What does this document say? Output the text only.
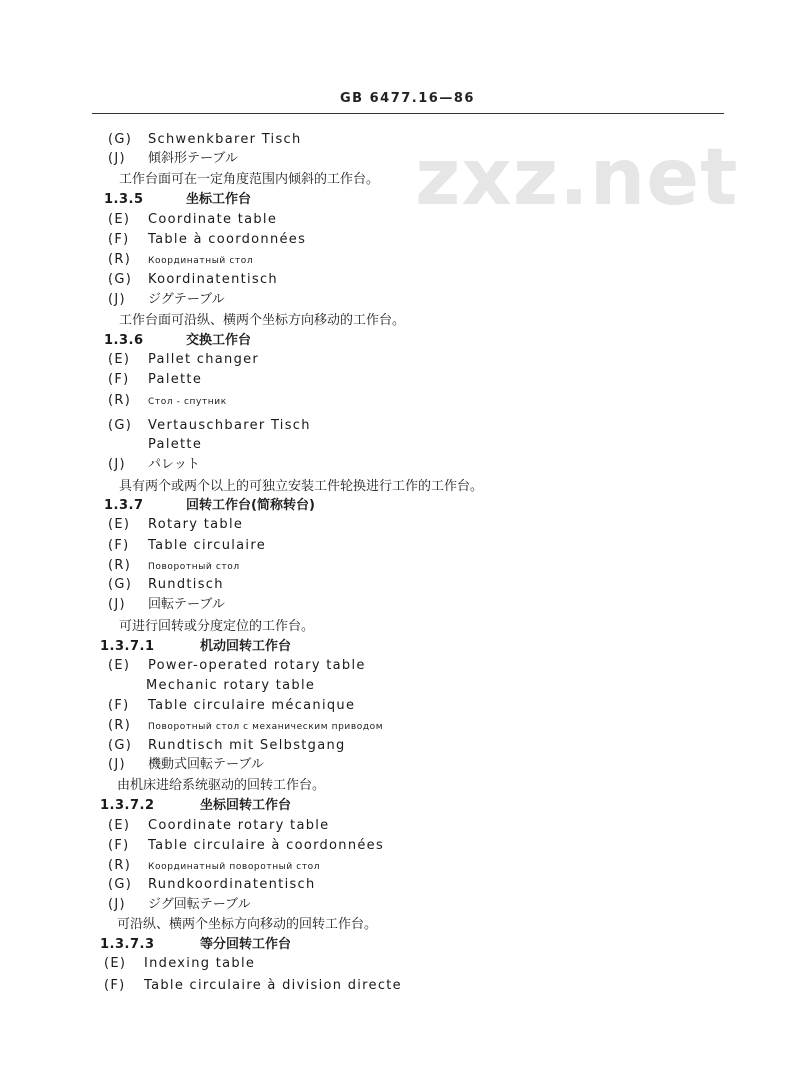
GB 6477.16—86
zxz.net
(G) Schwenkbarer Tisch
(J) 傾斜形テーブル
工作台面可在一定角度范围内倾斜的工作台。
1.3.5	坐标工作台
(E) Coordinate table
(F) Table à coordonnées
(R) Координатный стол
(G) Koordinatentisch
(J) ジグテーブル
工作台面可沿纵、横两个坐标方向移动的工作台。
1.3.6	交换工作台
(E) Pallet changer
(F) Palette
(R) Стол - спутник
(G) Vertauschbarer Tisch
Palette
(J) パレット
具有两个或两个以上的可独立安装工件轮换进行工作的工作台。
1.3.7	回转工作台(简称转台)
(E) Rotary table
(F) Table circulaire
(R) Поворотный стол
(G) Rundtisch
(J) 回転テーブル
可进行回转或分度定位的工作台。
1.3.7.1	机动回转工作台
(E) Power-operated rotary table
Mechanic rotary table
(F) Table circulaire mécanique
(R) Поворотный стол с механическим приводом
(G) Rundtisch mit Selbstgang
(J) 機動式回転テーブル
由机床进给系统驱动的回转工作台。
1.3.7.2	坐标回转工作台
(E) Coordinate rotary table
(F) Table circulaire à coordonnées
(R) Координатный поворотный стол
(G) Rundkoordinatentisch
(J) ジグ回転テーブル
可沿纵、横两个坐标方向移动的回转工作台。
1.3.7.3	等分回转工作台
(E) Indexing table
(F) Table circulaire à division directe
